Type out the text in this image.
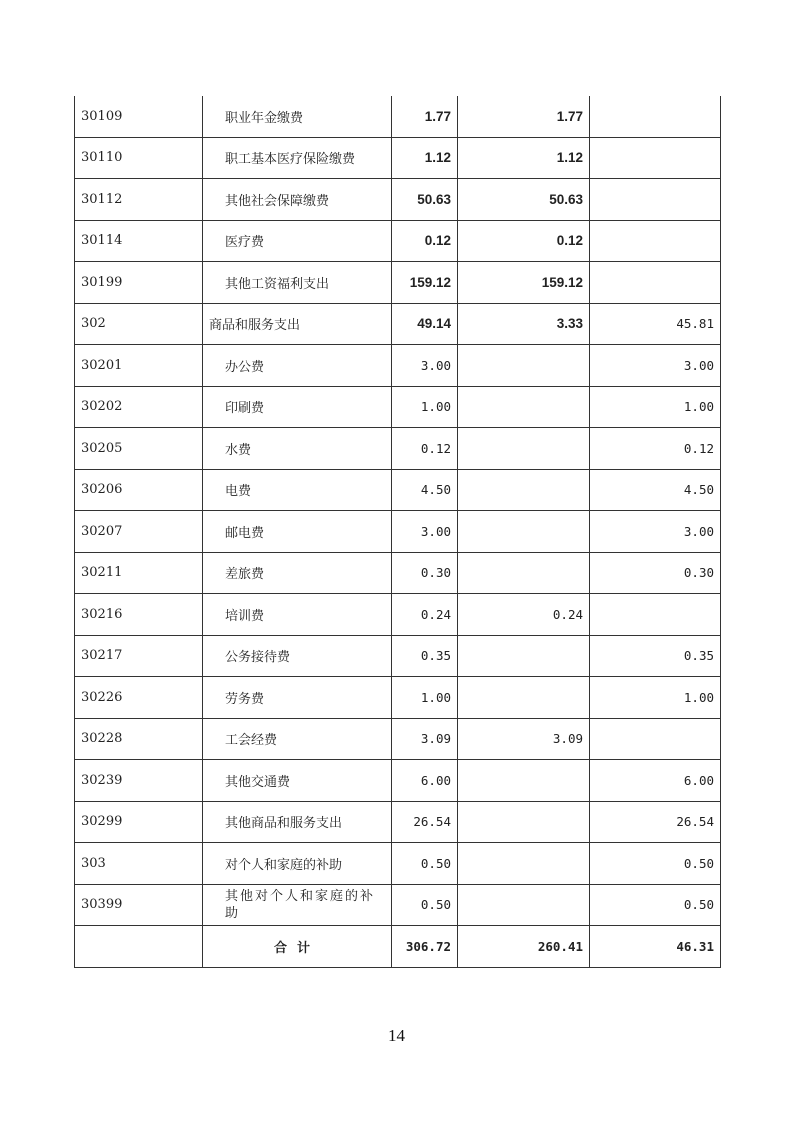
30109	职业年金缴费	1.77	1.77	
30110	职工基本医疗保险缴费	1.12	1.12	
30112	其他社会保障缴费	50.63	50.63	
30114	医疗费	0.12	0.12	
30199	其他工资福利支出	159.12	159.12	
302	商品和服务支出	49.14	3.33	45.81
30201	办公费	3.00		3.00
30202	印刷费	1.00		1.00
30205	水费	0.12		0.12
30206	电费	4.50		4.50
30207	邮电费	3.00		3.00
30211	差旅费	0.30		0.30
30216	培训费	0.24	0.24	
30217	公务接待费	0.35		0.35
30226	劳务费	1.00		1.00
30228	工会经费	3.09	3.09	
30239	其他交通费	6.00		6.00
30299	其他商品和服务支出	26.54		26.54
303	对个人和家庭的补助	0.50		0.50
30399	其他对个人和家庭的补助	0.50		0.50
	合计	306.72	260.41	46.31
14
